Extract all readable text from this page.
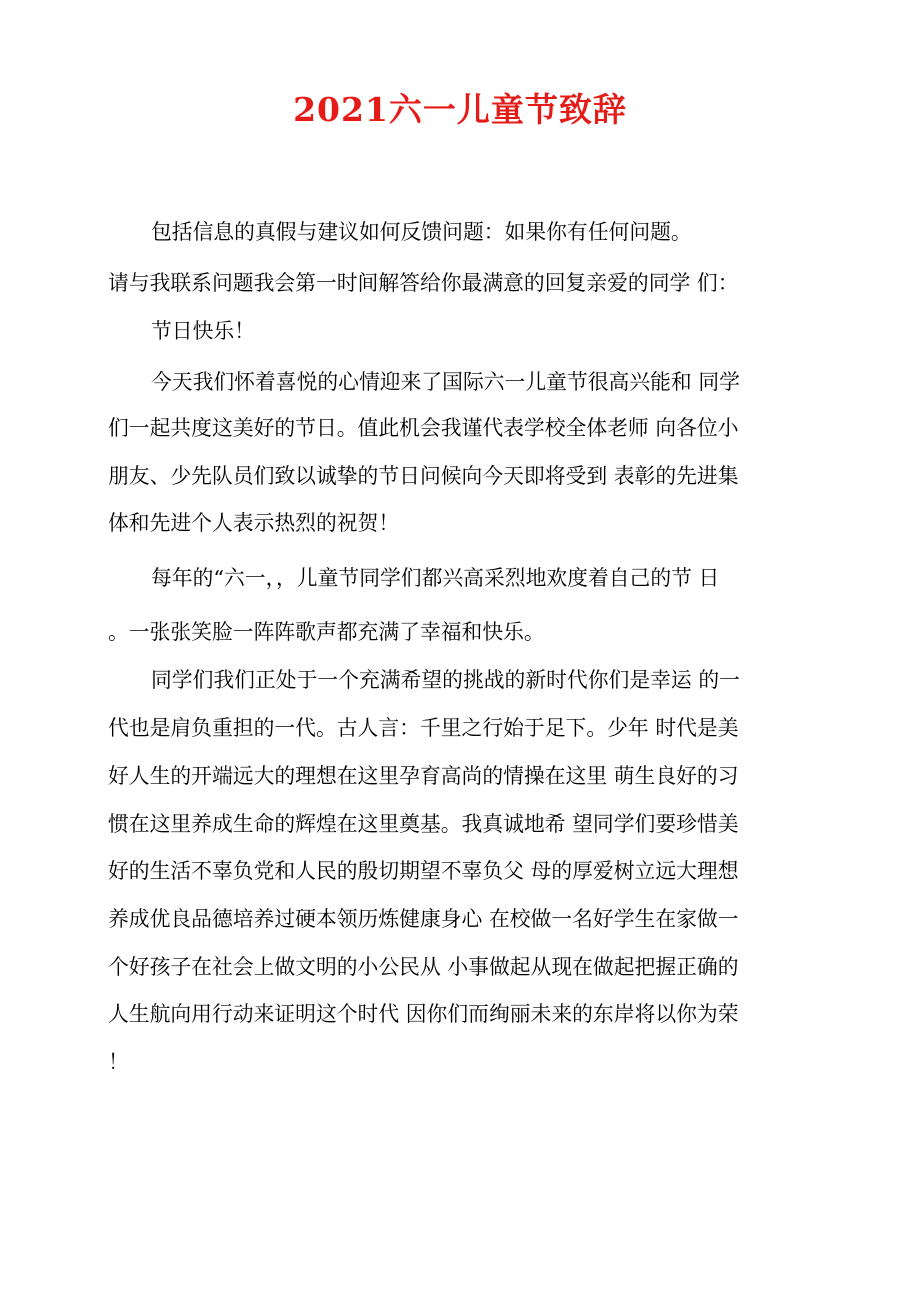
2021六一儿童节致辞
包括信息的真假与建议如何反馈问题：如果你有任何问题。
请与我联系问题我会第一时间解答给你最满意的回复亲爱的同学 们：
节日快乐！
今天我们怀着喜悦的心情迎来了国际六一儿童节很高兴能和 同学
们一起共度这美好的节日。值此机会我谨代表学校全体老师 向各位小
朋友、少先队员们致以诚挚的节日问候向今天即将受到 表彰的先进集
体和先进个人表示热烈的祝贺！
每年的“六一，，儿童节同学们都兴高采烈地欢度着自己的节 日
。一张张笑脸一阵阵歌声都充满了幸福和快乐。
同学们我们正处于一个充满希望的挑战的新时代你们是幸运 的一
代也是肩负重担的一代。古人言：千里之行始于足下。少年 时代是美
好人生的开端远大的理想在这里孕育高尚的情操在这里 萌生良好的习
惯在这里养成生命的辉煌在这里奠基。我真诚地希 望同学们要珍惜美
好的生活不辜负党和人民的殷切期望不辜负父 母的厚爱树立远大理想
养成优良品德培养过硬本领历炼健康身心 在校做一名好学生在家做一
个好孩子在社会上做文明的小公民从 小事做起从现在做起把握正确的
人生航向用行动来证明这个时代 因你们而绚丽未来的东岸将以你为荣
！
